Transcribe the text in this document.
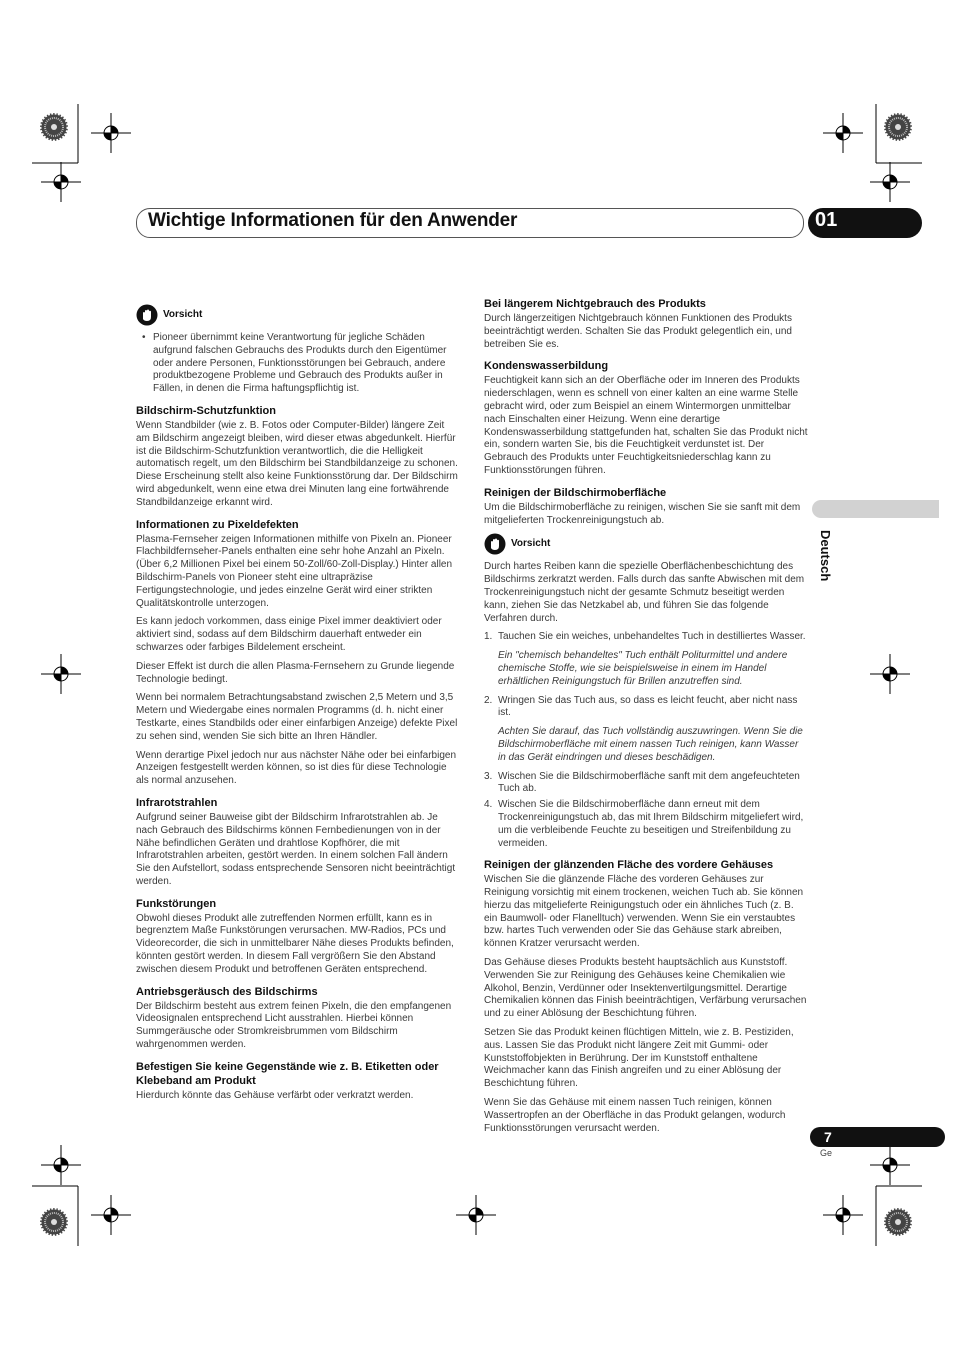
Wichtige Informationen für den Anwender	01
Deutsch
7
Ge
Vorsicht
• Pioneer übernimmt keine Verantwortung für jegliche Schäden aufgrund falschen Gebrauchs des Produkts durch den Eigentümer oder andere Personen, Funktionsstörungen bei Gebrauch, andere produktbezogene Probleme und Gebrauch des Produkts außer in Fällen, in denen die Firma haftungspflichtig ist.
Bildschirm-Schutzfunktion

Wenn Standbilder (wie z. B. Fotos oder Computer-Bilder) längere Zeit am Bildschirm angezeigt bleiben, wird dieser etwas abgedunkelt. Hierfür ist die Bildschirm-Schutzfunktion verantwortlich, die die Helligkeit automatisch regelt, um den Bildschirm bei Standbildanzeige zu schonen. Diese Erscheinung stellt also keine Funktionsstörung dar. Der Bildschirm wird abgedunkelt, wenn eine etwa drei Minuten lang eine fortwährende Standbildanzeige erkannt wird.

Informationen zu Pixeldefekten

Plasma-Fernseher zeigen Informationen mithilfe von Pixeln an. Pioneer Flachbildfernseher-Panels enthalten eine sehr hohe Anzahl an Pixeln. (Über 6,2 Millionen Pixel bei einem 50-Zoll/60-Zoll-Display.) Hinter allen Bildschirm-Panels von Pioneer steht eine ultrapräzise Fertigungstechnologie, und jedes einzelne Gerät wird einer strikten Qualitätskontrolle unterzogen.

Es kann jedoch vorkommen, dass einige Pixel immer deaktiviert oder aktiviert sind, sodass auf dem Bildschirm dauerhaft entweder ein schwarzes oder farbiges Bildelement erscheint.

Dieser Effekt ist durch die allen Plasma-Fernsehern zu Grunde liegende Technologie bedingt.

Wenn bei normalem Betrachtungsabstand zwischen 2,5 Metern und 3,5 Metern und Wiedergabe eines normalen Programms (d. h. nicht einer Testkarte, eines Standbilds oder einer einfarbigen Anzeige) defekte Pixel zu sehen sind, wenden Sie sich bitte an Ihren Händler.

Wenn derartige Pixel jedoch nur aus nächster Nähe oder bei einfarbigen Anzeigen festgestellt werden können, so ist dies für diese Technologie als normal anzusehen.

Infrarotstrahlen

Aufgrund seiner Bauweise gibt der Bildschirm Infrarotstrahlen ab. Je nach Gebrauch des Bildschirms können Fernbedienungen von in der Nähe befindlichen Geräten und drahtlose Kopfhörer, die mit Infrarotstrahlen arbeiten, gestört werden. In einem solchen Fall ändern Sie den Aufstellort, sodass entsprechende Sensoren nicht beeinträchtigt werden.

Funkstörungen

Obwohl dieses Produkt alle zutreffenden Normen erfüllt, kann es in begrenztem Maße Funkstörungen verursachen. MW-Radios, PCs und Videorecorder, die sich in unmittelbarer Nähe dieses Produkts befinden, könnten gestört werden. In diesem Fall vergrößern Sie den Abstand zwischen diesem Produkt und betroffenen Geräten entsprechend.

Antriebsgeräusch des Bildschirms

Der Bildschirm besteht aus extrem feinen Pixeln, die den empfangenen Videosignalen entsprechend Licht ausstrahlen. Hierbei können Summgeräusche oder Stromkreisbrummen vom Bildschirm wahrgenommen werden.

Befestigen Sie keine Gegenstände wie z. B. Etiketten oder Klebeband am Produkt

Hierdurch könnte das Gehäuse verfärbt oder verkratzt werden.

Bei längerem Nichtgebrauch des Produkts

Durch längerzeitigen Nichtgebrauch können Funktionen des Produkts beeinträchtigt werden. Schalten Sie das Produkt gelegentlich ein, und betreiben Sie es.

Kondenswasserbildung

Feuchtigkeit kann sich an der Oberfläche oder im Inneren des Produkts niederschlagen, wenn es schnell von einer kalten an eine warme Stelle gebracht wird, oder zum Beispiel an einem Wintermorgen unmittelbar nach Einschalten einer Heizung. Wenn eine derartige Kondenswasserbildung stattgefunden hat, schalten Sie das Produkt nicht ein, sondern warten Sie, bis die Feuchtigkeit verdunstet ist. Der Gebrauch des Produkts unter Feuchtigkeitsniederschlag kann zu Funktionsstörungen führen.

Reinigen der Bildschirmoberfläche

Um die Bildschirmoberfläche zu reinigen, wischen Sie sie sanft mit dem mitgelieferten Trockenreinigungstuch ab.

Vorsicht

Durch hartes Reiben kann die spezielle Oberflächenbeschichtung des Bildschirms zerkratzt werden. Falls durch das sanfte Abwischen mit dem Trockenreinigungstuch nicht der gesamte Schmutz beseitigt werden kann, ziehen Sie das Netzkabel ab, und führen Sie das folgende Verfahren durch.

1. Tauchen Sie ein weiches, unbehandeltes Tuch in destilliertes Wasser.
Ein "chemisch behandeltes" Tuch enthält Politurmittel und andere chemische Stoffe, wie sie beispielsweise in einem im Handel erhältlichen Reinigungstuch für Brillen anzutreffen sind.
2. Wringen Sie das Tuch aus, so dass es leicht feucht, aber nicht nass ist.
Achten Sie darauf, das Tuch vollständig auszuwringen. Wenn Sie die Bildschirmoberfläche mit einem nassen Tuch reinigen, kann Wasser in das Gerät eindringen und dieses beschädigen.
3. Wischen Sie die Bildschirmoberfläche sanft mit dem angefeuchteten Tuch ab.
4. Wischen Sie die Bildschirmoberfläche dann erneut mit dem Trockenreinigungstuch ab, das mit Ihrem Bildschirm mitgeliefert wird, um die verbleibende Feuchte zu beseitigen und Streifenbildung zu vermeiden.
Reinigen der glänzenden Fläche des vordere Gehäuses

Wischen Sie die glänzende Fläche des vorderen Gehäuses zur Reinigung vorsichtig mit einem trockenen, weichen Tuch ab. Sie können hierzu das mitgelieferte Reinigungstuch oder ein ähnliches Tuch (z. B. ein Baumwoll- oder Flanelltuch) verwenden. Wenn Sie ein verstaubtes bzw. hartes Tuch verwenden oder Sie das Gehäuse stark abreiben, können Kratzer verursacht werden.

Das Gehäuse dieses Produkts besteht hauptsächlich aus Kunststoff. Verwenden Sie zur Reinigung des Gehäuses keine Chemikalien wie Alkohol, Benzin, Verdünner oder Insektenvertilgungsmittel. Derartige Chemikalien können das Finish beeinträchtigen, Verfärbung verursachen und zu einer Ablösung der Beschichtung führen.

Setzen Sie das Produkt keinen flüchtigen Mitteln, wie z. B. Pestiziden, aus. Lassen Sie das Produkt nicht längere Zeit mit Gummi- oder Kunststoffobjekten in Berührung. Der im Kunststoff enthaltene Weichmacher kann das Finish angreifen und zu einer Ablösung der Beschichtung führen.

Wenn Sie das Gehäuse mit einem nassen Tuch reinigen, können Wassertropfen an der Oberfläche in das Produkt gelangen, wodurch Funktionsstörungen verursacht werden.
